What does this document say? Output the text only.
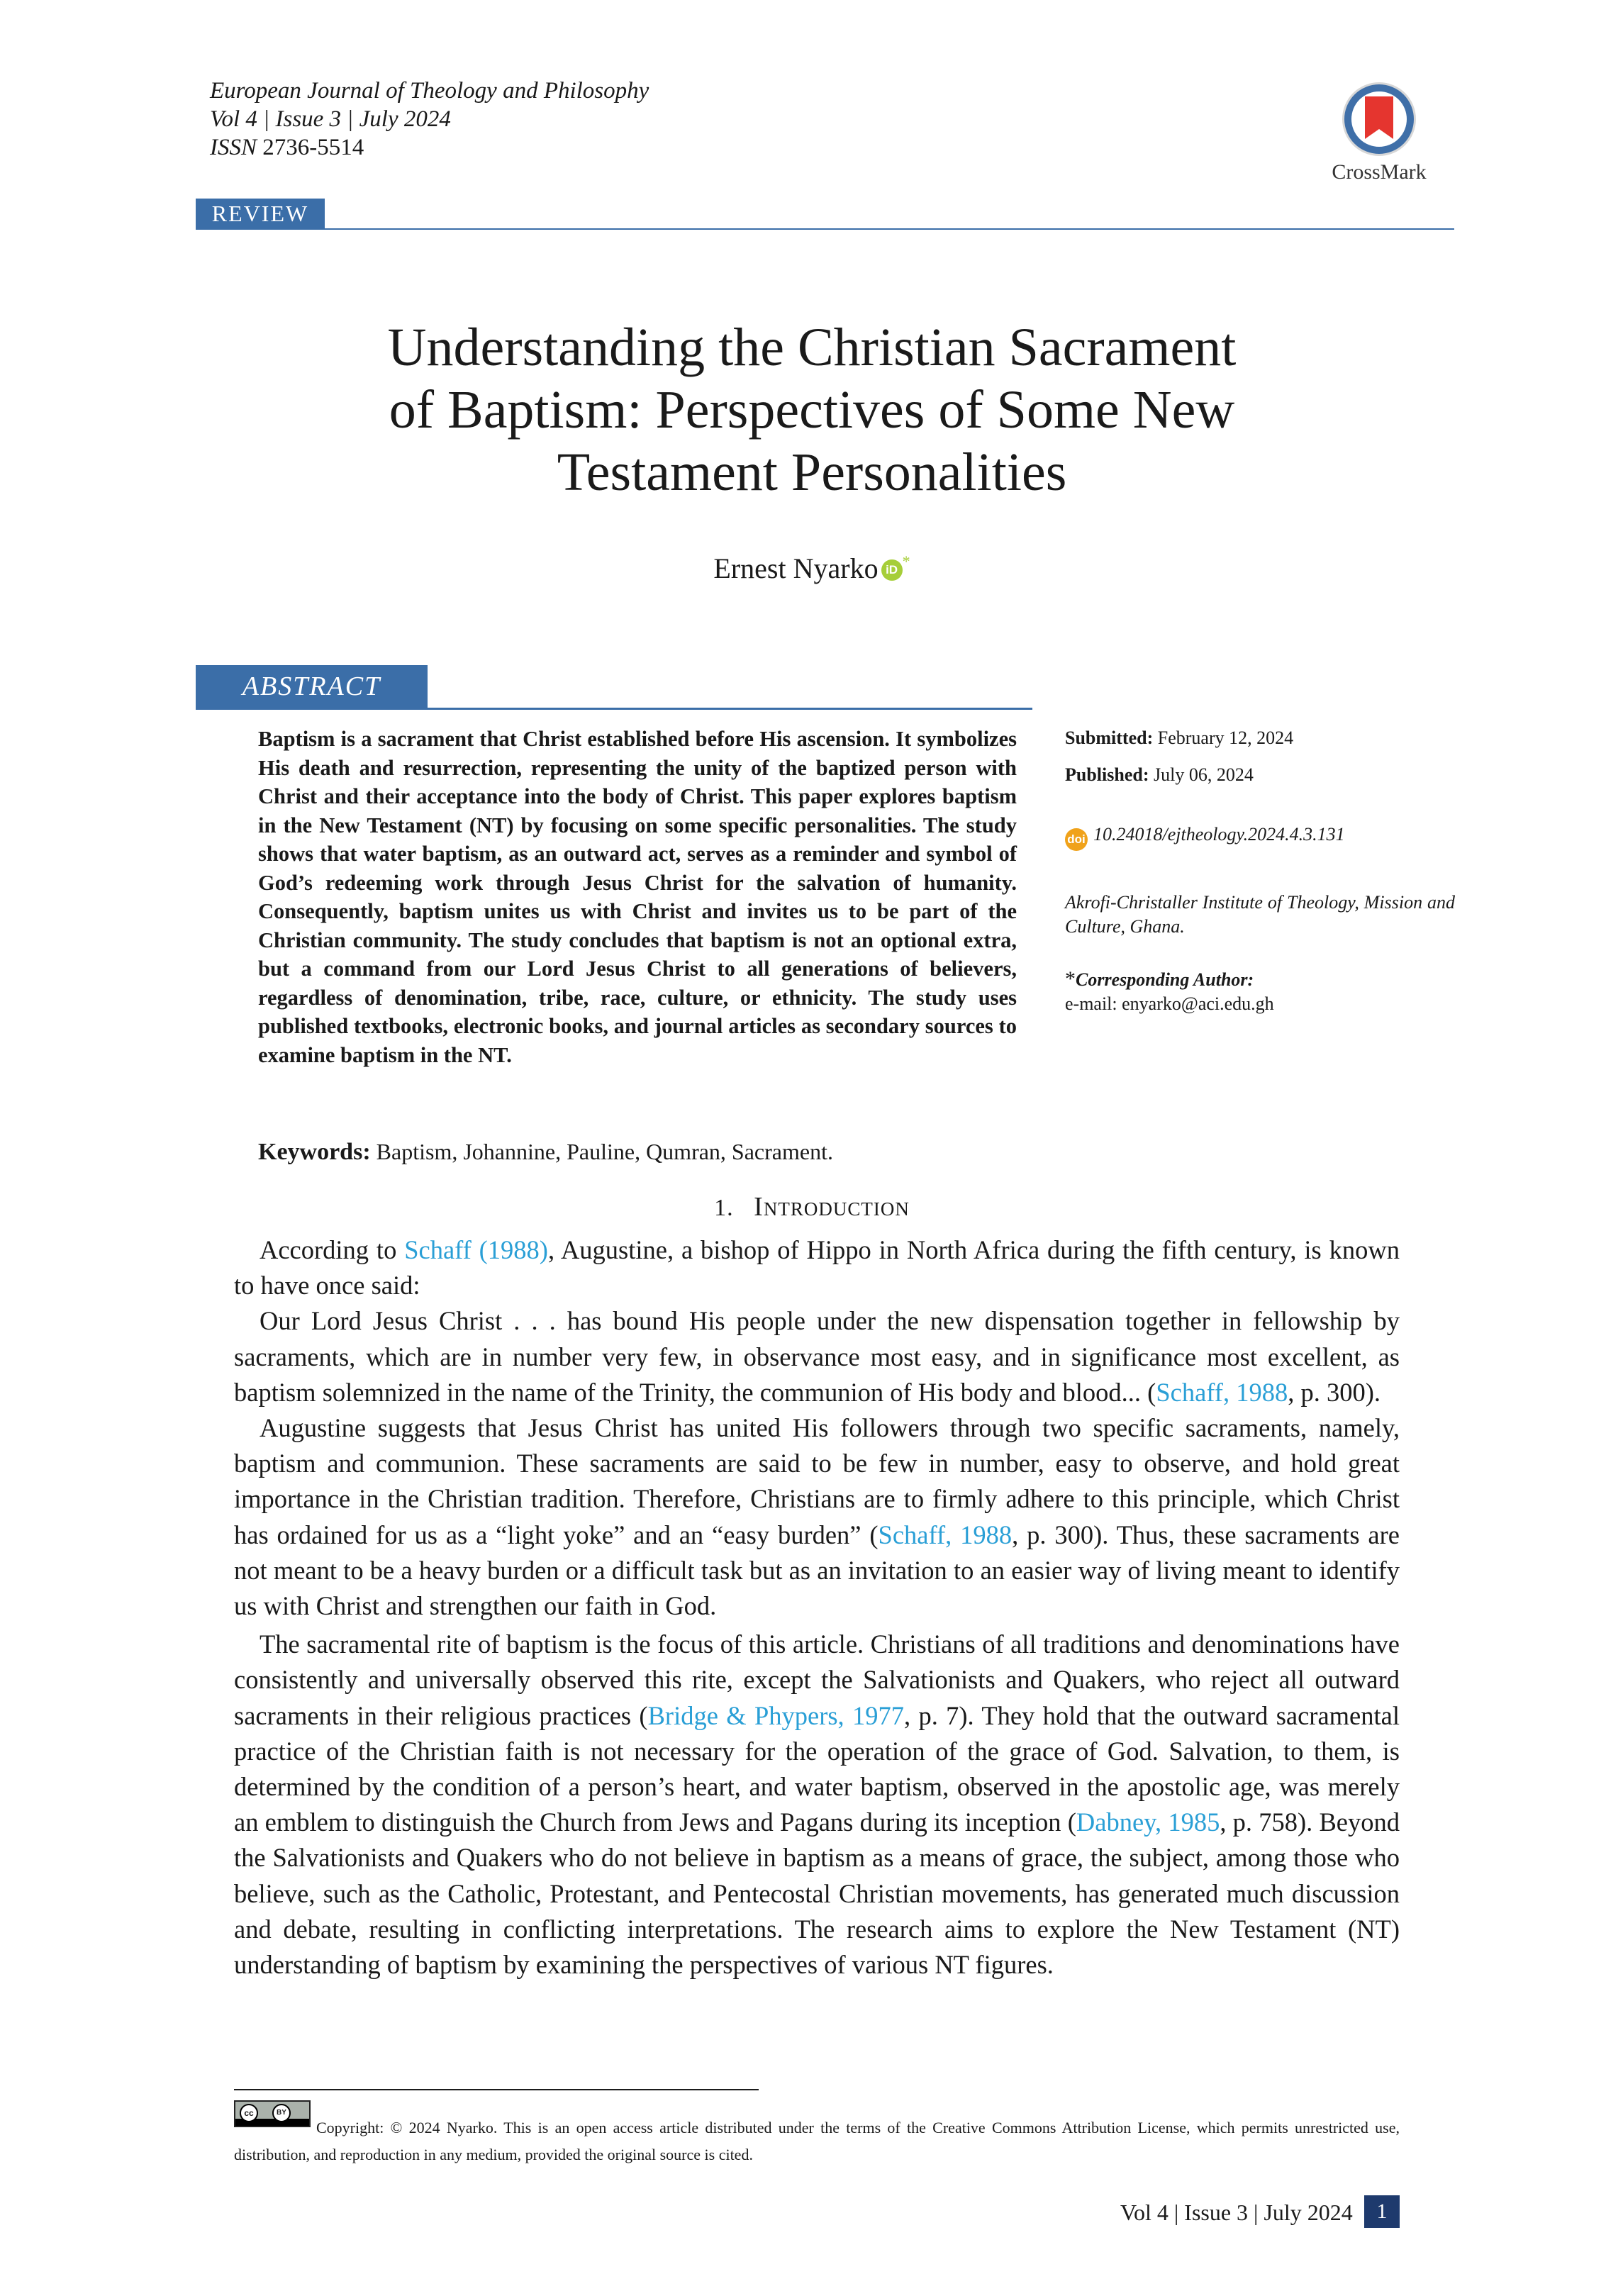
European Journal of Theology and Philosophy
Vol 4 | Issue 3 | July 2024
ISSN 2736-5514
CrossMark
REVIEW
Understanding the Christian Sacrament
of Baptism: Perspectives of Some New
Testament Personalities
Ernest Nyarko iD *
ABSTRACT
Baptism is a sacrament that Christ established before His ascension. It symbolizes His death and resurrection, representing the unity of the baptized person with Christ and their acceptance into the body of Christ. This paper explores baptism in the New Testament (NT) by focusing on some specific personalities. The study shows that water baptism, as an outward act, serves as a reminder and symbol of God’s redeeming work through Jesus Christ for the salvation of humanity. Consequently, baptism unites us with Christ and invites us to be part of the Christian community. The study concludes that baptism is not an optional extra, but a command from our Lord Jesus Christ to all generations of believers, regardless of denomination, tribe, race, culture, or ethnicity. The study uses published textbooks, electronic books, and journal articles as secondary sources to examine baptism in the NT.
Submitted: February 12, 2024
Published: July 06, 2024
doi 10.24018/ejtheology.2024.4.3.131
Akrofi-Christaller Institute of Theology, Mission and Culture, Ghana.
*Corresponding Author:
e-mail: enyarko@aci.edu.gh
Keywords: Baptism, Johannine, Pauline, Qumran, Sacrament.
1. Introduction

According to Schaff (1988), Augustine, a bishop of Hippo in North Africa during the fifth century, is known to have once said:

Our Lord Jesus Christ . . . has bound His people under the new dispensation together in fellowship by sacraments, which are in number very few, in observance most easy, and in significance most excellent, as baptism solemnized in the name of the Trinity, the communion of His body and blood... (Schaff, 1988, p. 300).

Augustine suggests that Jesus Christ has united His followers through two specific sacraments, namely, baptism and communion. These sacraments are said to be few in number, easy to observe, and hold great importance in the Christian tradition. Therefore, Christians are to firmly adhere to this principle, which Christ has ordained for us as a “light yoke” and an “easy burden” (Schaff, 1988, p. 300). Thus, these sacraments are not meant to be a heavy burden or a difficult task but as an invitation to an easier way of living meant to identify us with Christ and strengthen our faith in God.

The sacramental rite of baptism is the focus of this article. Christians of all traditions and denominations have consistently and universally observed this rite, except the Salvationists and Quakers, who reject all outward sacraments in their religious practices (Bridge & Phypers, 1977, p. 7). They hold that the outward sacramental practice of the Christian faith is not necessary for the operation of the grace of God. Salvation, to them, is determined by the condition of a person’s heart, and water baptism, observed in the apostolic age, was merely an emblem to distinguish the Church from Jews and Pagans during its inception (Dabney, 1985, p. 758). Beyond the Salvationists and Quakers who do not believe in baptism as a means of grace, the subject, among those who believe, such as the Catholic, Protestant, and Pentecostal Christian movements, has generated much discussion and debate, resulting in conflicting interpretations. The research aims to explore the New Testament (NT) understanding of baptism by examining the perspectives of various NT figures.

cc	BY
Copyright: © 2024 Nyarko. This is an open access article distributed under the terms of the Creative Commons Attribution License, which permits unrestricted use, distribution, and reproduction in any medium, provided the original source is cited.
Vol 4 | Issue 3 | July 2024	1
